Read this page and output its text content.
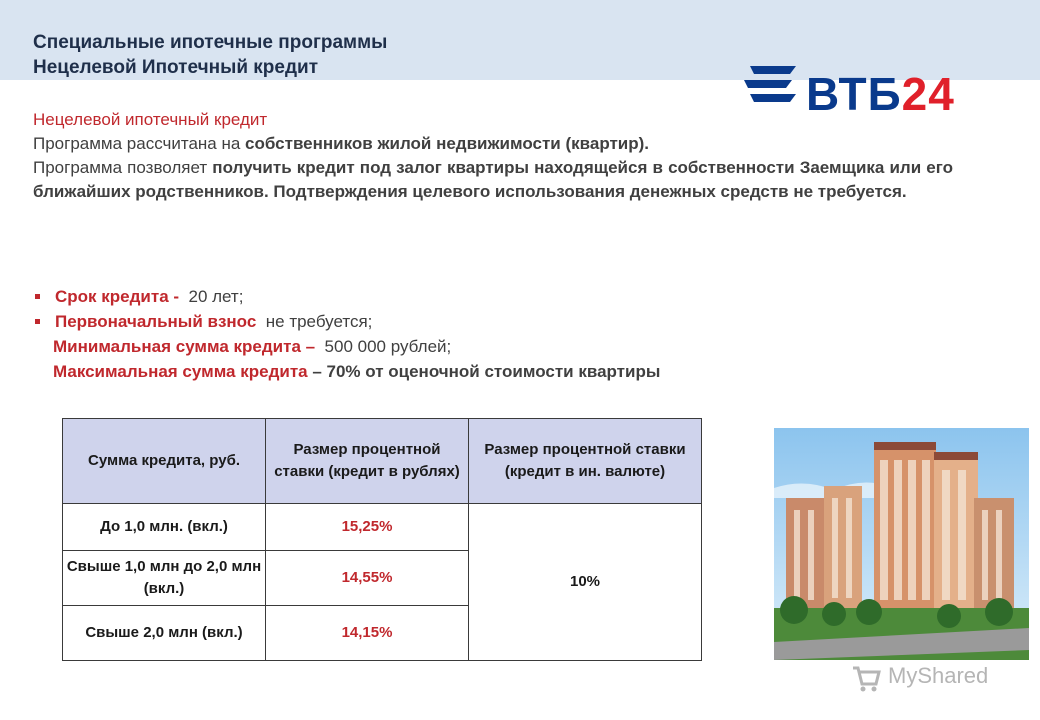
Специальные ипотечные программы
Нецелевой Ипотечный кредит
ВТБ24
Нецелевой ипотечный кредит
Программа рассчитана на собственников жилой недвижимости (квартир).
Программа позволяет получить кредит под залог квартиры находящейся в собственности Заемщика или его ближайших родственников. Подтверждения целевого использования денежных средств не требуется.
Срок кредита - 20 лет;
Первоначальный взнос не требуется;
Минимальная сумма кредита – 500 000 рублей;
Максимальная сумма кредита – 70% от оценочной стоимости квартиры
Сумма кредита, руб.	Размер процентной ставки (кредит в рублях)	Размер процентной ставки (кредит в ин. валюте)
До 1,0 млн. (вкл.)	15,25%	10%
Свыше 1,0 млн до 2,0 млн (вкл.)	14,55%	
Свыше 2,0 млн (вкл.)	14,15%	
MyShared
